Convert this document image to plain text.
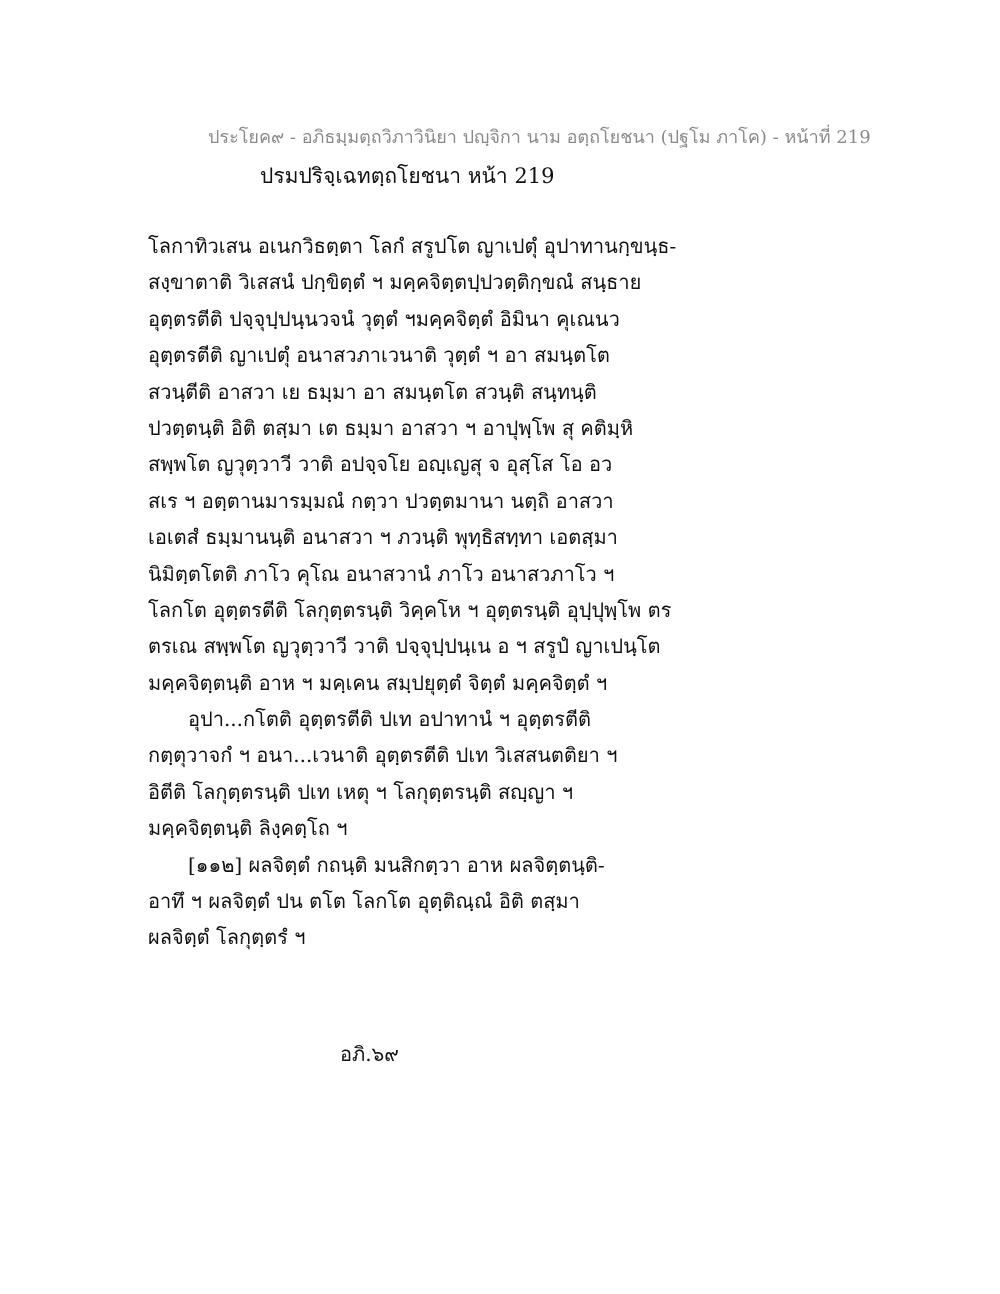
ประโยค๙ - อภิธมฺมตฺถวิภาวินิยา ปญฺจิกา นาม อตฺถโยชนา (ปฐโม ภาโค) - หน้าที่ 219
ปรมปริจฺเฉทตฺถโยชนา หน้า 219
โลกาทิวเสน อเนกวิธตฺตา โลกํ สรูปโต ญาเปตุํ อุปาทานกฺขนฺธ-
สงฺขาตาติ วิเสสนํ ปกฺขิตฺตํ ฯ มคฺคจิตฺตปฺปวตฺติกฺขณํ สนฺธาย
อุตฺตรตีติ ปจฺจุปฺปนฺนวจนํ วุตฺตํ ฯมคฺคจิตฺตํ อิมินา คุเณนว
อุตฺตรตีติ ญาเปตุํ อนาสวภาเวนาติ วุตฺตํ ฯ อา สมนฺตโต
สวนฺตีติ อาสวา เย ธมฺมา อา สมนฺตโต สวนฺติ สนฺทนฺติ
ปวตฺตนฺติ อิติ ตสฺมา เต ธมฺมา อาสวา ฯ อาปุพฺโพ สุ คติมฺหิ
สพฺพโต ญวุตฺวาวี วาติ อปจฺจโย อญฺเญสุ จ อุสฺโส โอ อว
สเร ฯ อตฺตานมารมฺมณํ กตฺวา ปวตฺตมานา นตฺถิ อาสวา
เอเตสํ ธมฺมานนฺติ อนาสวา ฯ ภวนฺติ พุทฺธิสทฺทา เอตสฺมา
นิมิตฺตโตติ ภาโว คุโณ อนาสวานํ ภาโว อนาสวภาโว ฯ
โลกโต อุตฺตรตีติ โลกุตฺตรนฺติ วิคฺคโห ฯ อุตฺตรนฺติ อุปฺปุพฺโพ ตร
ตรเณ สพฺพโต ญวุตฺวาวี วาติ ปจฺจุปฺปนฺเน อ ฯ สรูปํ ญาเปนฺโต
มคฺคจิตฺตนฺติ อาห ฯ มคฺเคน สมฺปยุตฺตํ จิตฺตํ มคฺคจิตฺตํ ฯ
อุปา...กโตติ อุตฺตรตีติ ปเท อปาทานํ ฯ อุตฺตรตีติ
กตฺตุวาจกํ ฯ อนา...เวนาติ อุตฺตรตีติ ปเท วิเสสนตติยา ฯ
อิตีติ โลกุตฺตรนฺติ ปเท เหตุ ฯ โลกุตฺตรนฺติ สญฺญา ฯ
มคฺคจิตฺตนฺติ ลิงฺคตฺโถ ฯ
[๑๑๒] ผลจิตฺตํ กถนฺติ มนสิกตฺวา อาห ผลจิตฺตนฺติ-
อาทึ ฯ ผลจิตฺตํ ปน ตโต โลกโต อุตฺติณฺณํ อิติ ตสฺมา
ผลจิตฺตํ โลกุตฺตรํ ฯ
อภิ.๖๙
